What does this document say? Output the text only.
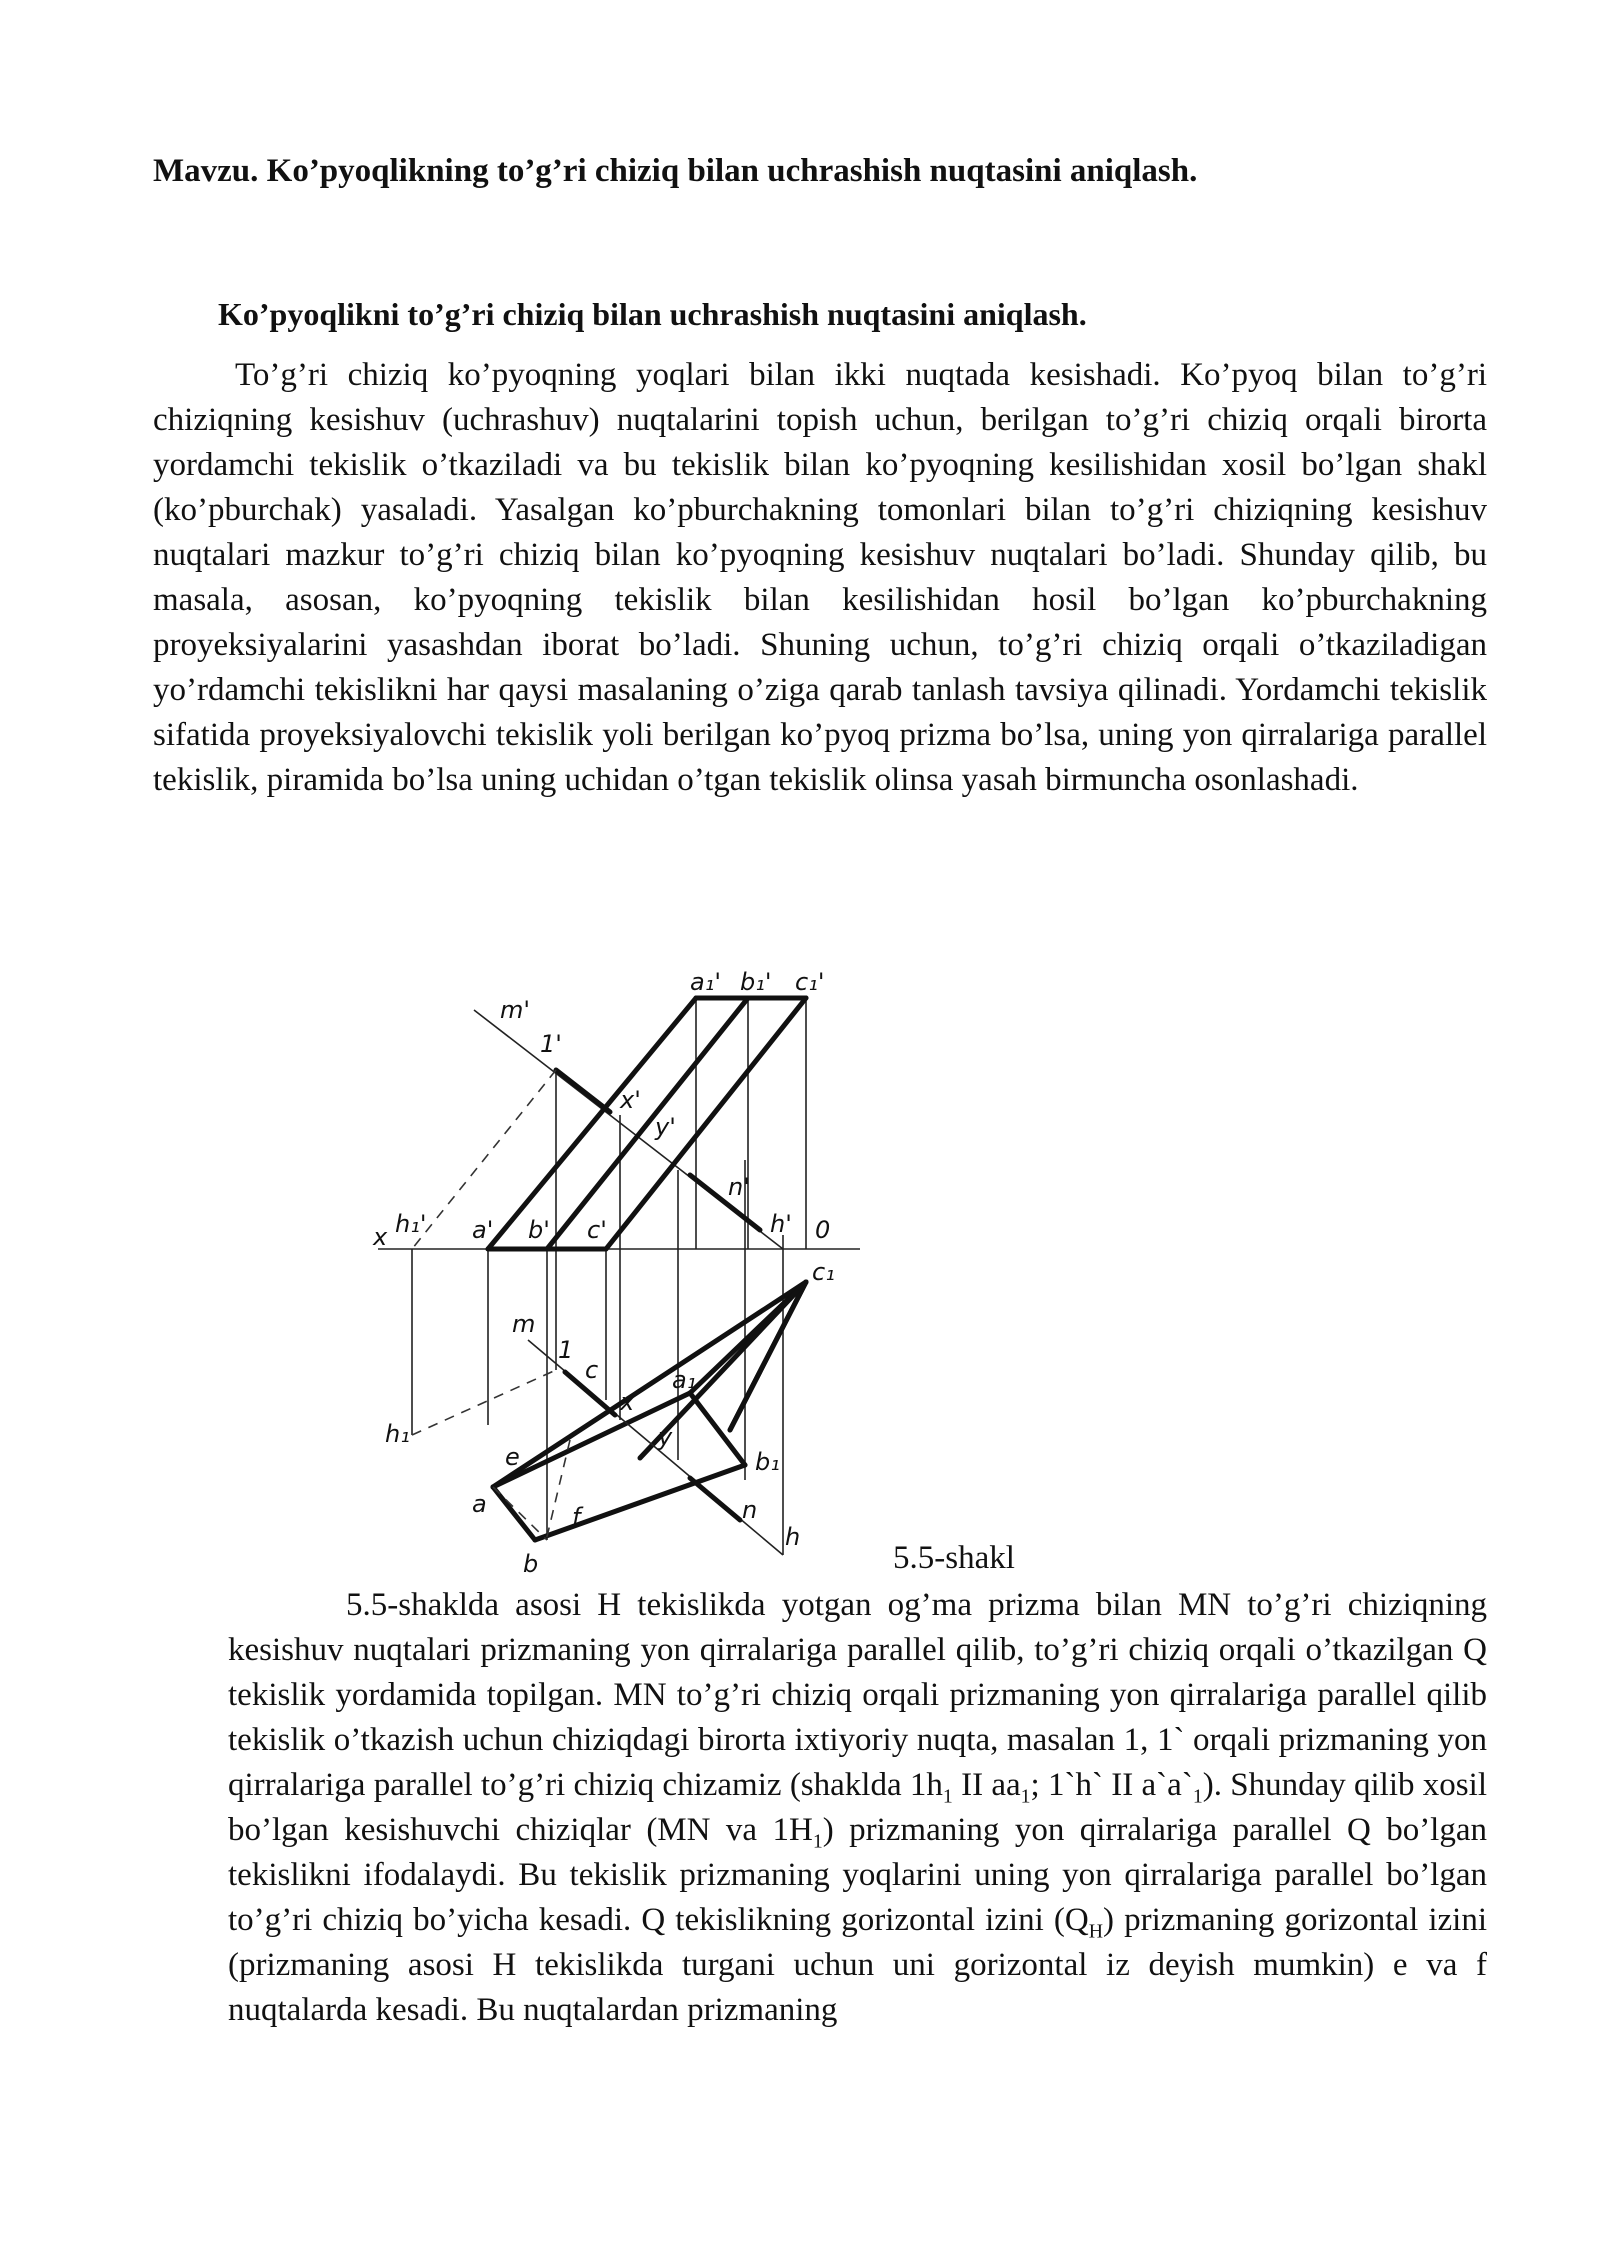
Mavzu. Ko’pyoqlikning to’g’ri chiziq bilan uchrashish nuqtasini aniqlash.
Ko’pyoqlikni to’g’ri chiziq bilan uchrashish nuqtasini aniqlash.

To’g’ri chiziq ko’pyoqning yoqlari bilan ikki nuqtada kesishadi. Ko’pyoq bilan to’g’ri chiziqning kesishuv (uchrashuv) nuqtalarini topish uchun, berilgan to’g’ri chiziq orqali birorta yordamchi tekislik o’tkaziladi va bu tekislik bilan ko’pyoqning kesilishidan xosil bo’lgan shakl (ko’pburchak) yasaladi. Yasalgan ko’pburchakning tomonlari bilan to’g’ri chiziqning kesishuv nuqtalari mazkur to’g’ri chiziq bilan ko’pyoqning kesishuv nuqtalari bo’ladi. Shunday qilib, bu masala, asosan, ko’pyoqning tekislik bilan kesilishidan hosil bo’lgan ko’pburchakning proyeksiyalarini yasashdan iborat bo’ladi. Shuning uchun, to’g’ri chiziq orqali o’tkaziladigan yo’rdamchi tekislikni har qaysi masalaning o’ziga qarab tanlash tavsiya qilinadi. Yordamchi tekislik sifatida proyeksiyalovchi tekislik yoli berilgan ko’pyoq prizma bo’lsa, uning yon qirralariga parallel tekislik, piramida bo’lsa uning uchidan o’tgan tekislik olinsa yasah birmuncha osonlashadi.

a₁' b₁' c₁'
m'
1'
x'
y'
n'
x h₁' a' b' c'	h' 0
c₁
m
1
c
x
a₁
h₁
e
y
b₁
a	f	n
h
b	5.5-shakl

5.5-shaklda asosi H tekislikda yotgan og’ma prizma bilan MN to’g’ri chiziqning kesishuv nuqtalari prizmaning yon qirralariga parallel qilib, to’g’ri chiziq orqali o’tkazilgan Q tekislik yordamida topilgan. MN to’g’ri chiziq orqali prizmaning yon qirralariga parallel qilib tekislik o’tkazish uchun chiziqdagi birorta ixtiyoriy nuqta, masalan 1, 1` orqali prizmaning yon qirralariga parallel to’g’ri chiziq chizamiz (shaklda $1h_1$ II $aa_1$; 1`h` II $a`a`_1$). Shunday qilib xosil bo’lgan kesishuvchi chiziqlar (MN va $1H_1$) prizmaning yon qirralariga parallel Q bo’lgan tekislikni ifodalaydi. Bu tekislik prizmaning yoqlarini uning yon qirralariga parallel bo’lgan to’g’ri chiziq bo’yicha kesadi. Q tekislikning gorizontal izini $(Q_H)$ prizmaning gorizontal izini (prizmaning asosi H tekislikda turgani uchun uni gorizontal iz deyish mumkin) e va f nuqtalarda kesadi. Bu nuqtalardan prizmaning
